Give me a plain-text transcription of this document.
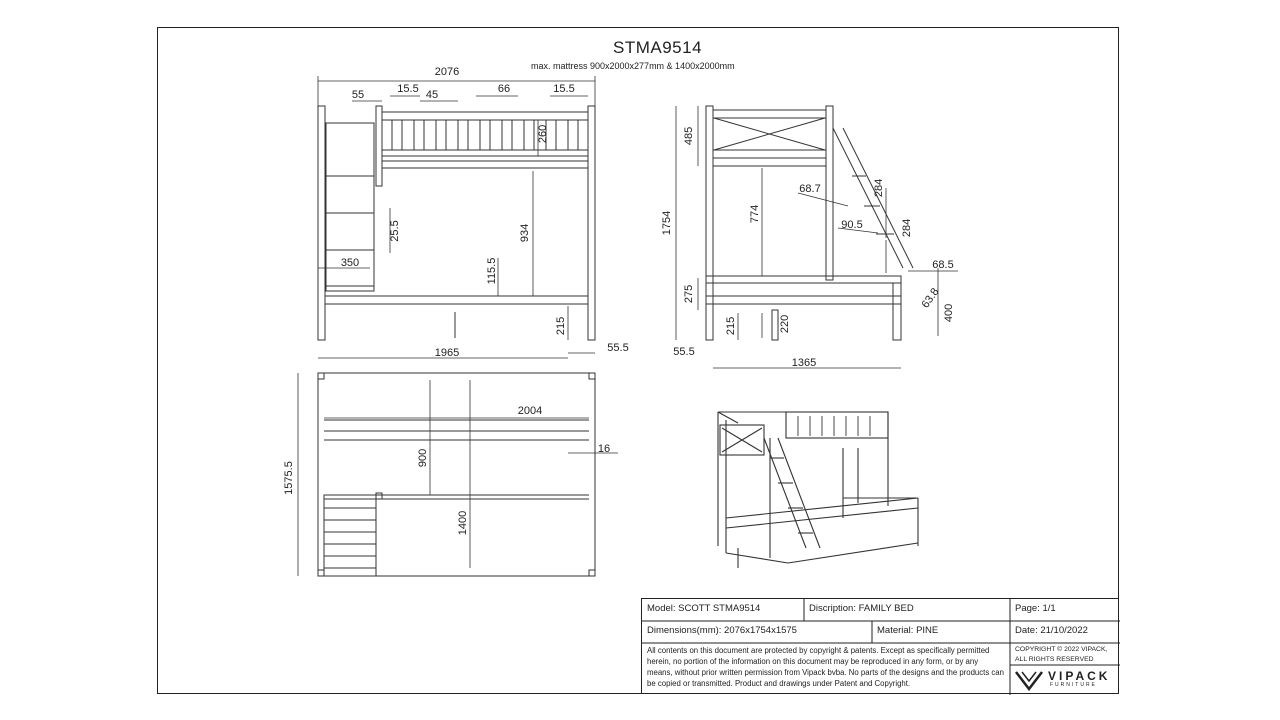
STMA9514
max. mattress 900x2000x277mm & 1400x2000mm
2076
55	15.5 45	66	15.5
260
934
25.5
350	115.5
215
1965	55.5
485
1754	774
275
215	220
55.5
1365
68.7	284
90.5	284
68.5
63.8
400
1575.5
2004
900	16
1400
Model: SCOTT STMA9514	Discription: FAMILY BED	Page: 1/1
Dimensions(mm): 2076x1754x1575	Material: PINE	Date: 21/10/2022
All contents on this document are protected by copyright & patents. Except as specifically permitted herein, no portion of the information on this document may be reproduced in any form, or by any means, without prior written permission from Vipack bvba. No parts of the designs and the products can be copied or transmitted. Product and drawings under Patent and Copyright.
COPYRIGHT © 2022 VIPACK,
ALL RIGHTS RESERVED
VIPACK
FURNITURE
